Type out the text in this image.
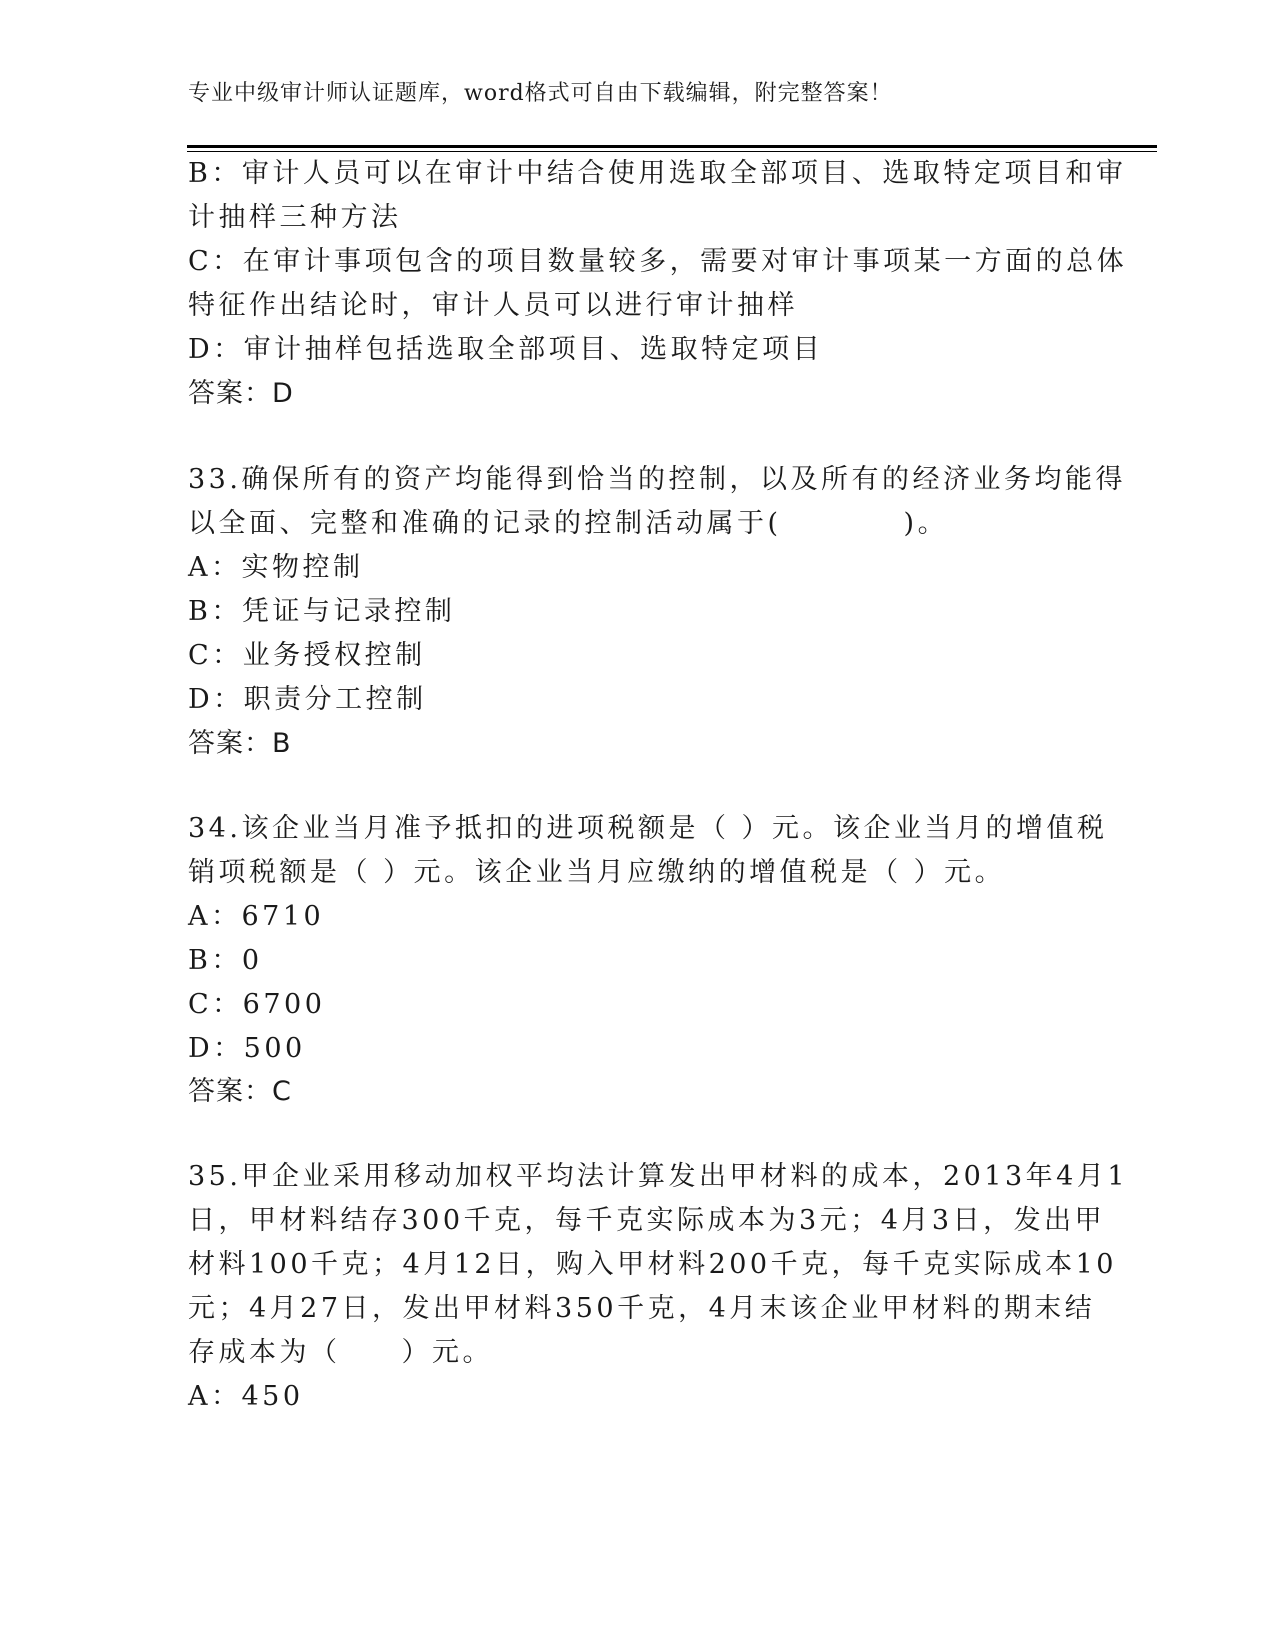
专业中级审计师认证题库，word格式可自由下载编辑，附完整答案！
B：审计人员可以在审计中结合使用选取全部项目、选取特定项目和审
计抽样三种方法
C：在审计事项包含的项目数量较多，需要对审计事项某一方面的总体
特征作出结论时，审计人员可以进行审计抽样
D：审计抽样包括选取全部项目、选取特定项目
答案：D
33.确保所有的资产均能得到恰当的控制，以及所有的经济业务均能得
以全面、完整和准确的记录的控制活动属于(　　　　)。
A：实物控制
B：凭证与记录控制
C：业务授权控制
D：职责分工控制
答案：B
34.该企业当月准予抵扣的进项税额是（ ）元。该企业当月的增值税
销项税额是（ ）元。该企业当月应缴纳的增值税是（ ）元。
A：6710
B：0
C：6700
D：500
答案：C
35.甲企业采用移动加权平均法计算发出甲材料的成本，2013年4月1
日，甲材料结存300千克，每千克实际成本为3元；4月3日，发出甲
材料100千克；4月12日，购入甲材料200千克，每千克实际成本10
元；4月27日，发出甲材料350千克，4月末该企业甲材料的期末结
存成本为（　　）元。
A：450
